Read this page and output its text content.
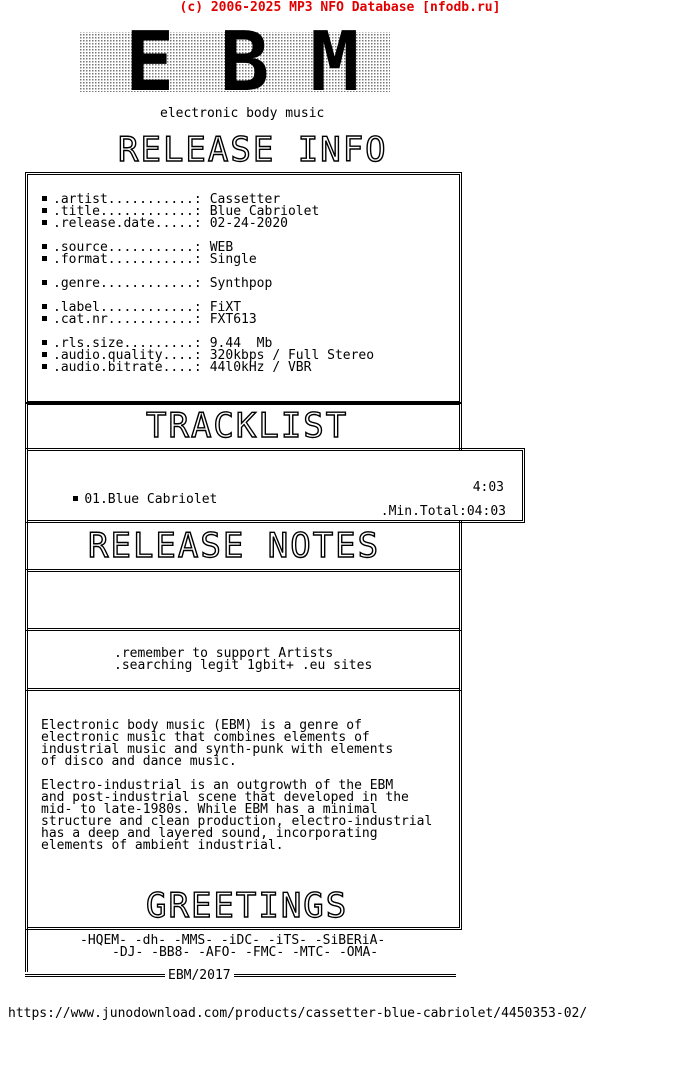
(c) 2006-2025 MP3 NFO Database [nfodb.ru]
E B M
electronic body music
RELEASE INFO
.artist...........: Cassetter
.title............: Blue Cabriolet
.release.date.....: 02-24-2020
.source...........: WEB
.format...........: Single
.genre............: Synthpop
.label............: FiXT
.cat.nr...........: FXT613
.rls.size.........: 9.44  Mb
.audio.quality....: 320kbps / Full Stereo
.audio.bitrate....: 44l0kHz / VBR
TRACKLIST

01.Blue Cabriolet

4:03

.Min.Total:04:03
RELEASE NOTES
.remember to support Artists
.searching legit 1gbit+ .eu sites
Electronic body music (EBM) is a genre of
electronic music that combines elements of
industrial music and synth-punk with elements
of disco and dance music.
Electro-industrial is an outgrowth of the EBM
and post-industrial scene that developed in the
mid- to late-1980s. While EBM has a minimal
structure and clean production, electro-industrial
has a deep and layered sound, incorporating
elements of ambient industrial.
GREETINGS
-HQEM- -dh- -MMS- -iDC- -iTS- -SiBERiA-
-DJ- -BB8- -AFO- -FMC- -MTC- -OMA-
EBM/2017
https://www.junodownload.com/products/cassetter-blue-cabriolet/4450353-02/
